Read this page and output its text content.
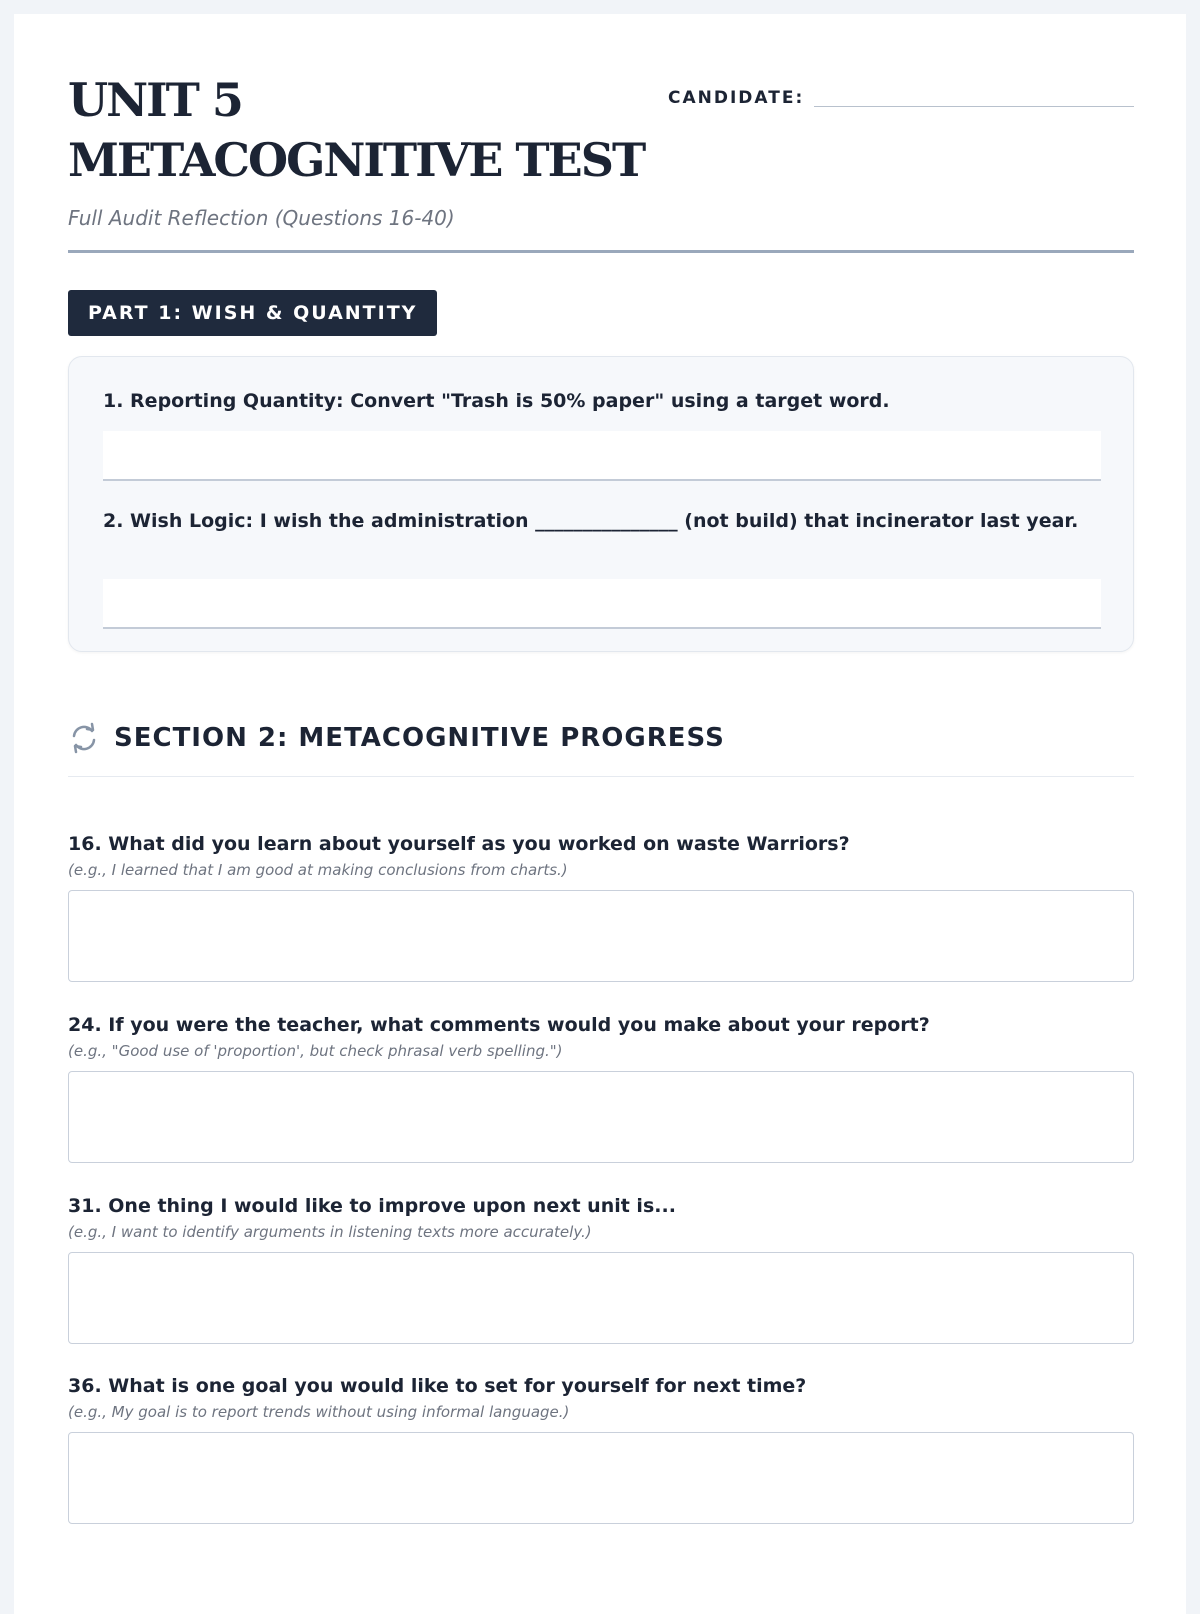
UNIT 5 METACOGNITIVE TEST
Full Audit Reflection (Questions 16-40)
CANDIDATE:
PART 1: WISH & QUANTITY
1. Reporting Quantity: Convert "Trash is 50% paper" using a target word.
2. Wish Logic: I wish the administration _______________ (not build) that incinerator last year.
SECTION 2: METACOGNITIVE PROGRESS
16. What did you learn about yourself as you worked on waste Warriors?
(e.g., I learned that I am good at making conclusions from charts.)
24. If you were the teacher, what comments would you make about your report?
(e.g., "Good use of 'proportion', but check phrasal verb spelling.")
31. One thing I would like to improve upon next unit is...
(e.g., I want to identify arguments in listening texts more accurately.)
36. What is one goal you would like to set for yourself for next time?
(e.g., My goal is to report trends without using informal language.)
